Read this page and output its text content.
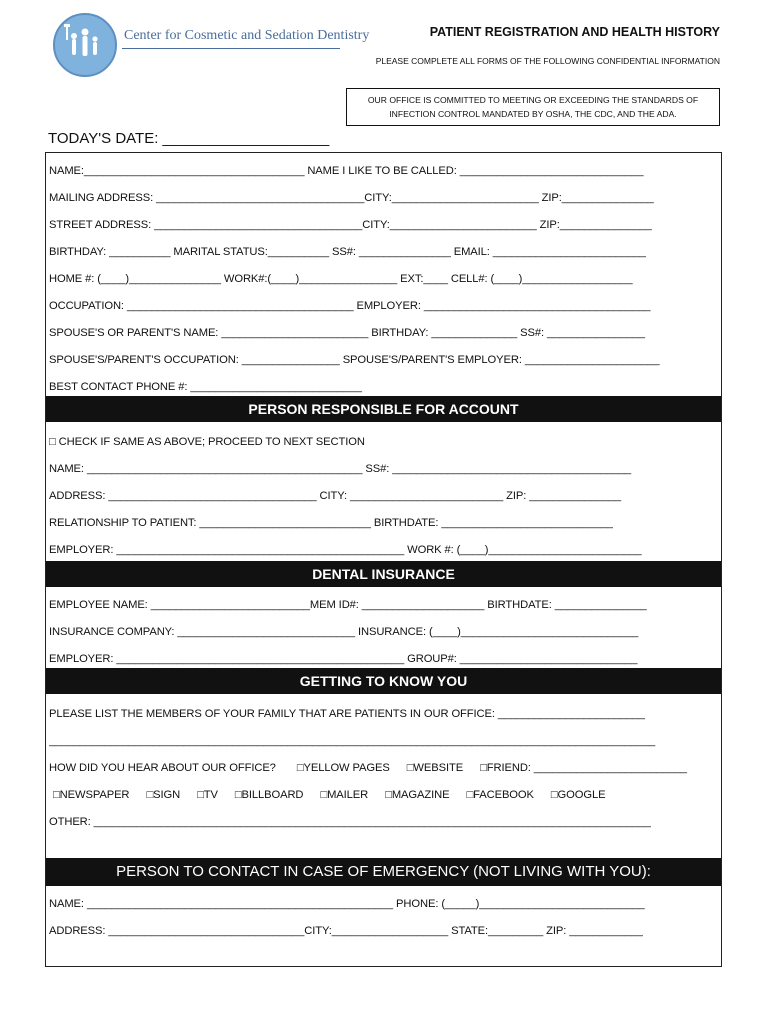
Center for Cosmetic and Sedation Dentistry	PATIENT REGISTRATION AND HEALTH HISTORY
PLEASE COMPLETE ALL FORMS OF THE FOLLOWING CONFIDENTIAL INFORMATION
OUR OFFICE IS COMMITTED TO MEETING OR EXCEEDING THE STANDARDS OF
INFECTION CONTROL MANDATED BY OSHA, THE CDC, AND THE ADA.
TODAY'S DATE: ____________________
NAME:____________________________________ NAME I LIKE TO BE CALLED: ______________________________
MAILING ADDRESS: __________________________________CITY:________________________ ZIP:_______________
STREET ADDRESS: __________________________________CITY:________________________ ZIP:_______________
BIRTHDAY: __________ MARITAL STATUS:__________ SS#: _______________ EMAIL: _________________________
HOME #: (____)_______________ WORK#:(____)________________ EXT:____ CELL#: (____)__________________
OCCUPATION: _____________________________________ EMPLOYER: _____________________________________
SPOUSE'S OR PARENT'S NAME: ________________________ BIRTHDAY: ______________ SS#: ________________
SPOUSE'S/PARENT'S OCCUPATION: ________________ SPOUSE'S/PARENT'S EMPLOYER: ______________________
BEST CONTACT PHONE #: ____________________________
PERSON RESPONSIBLE FOR ACCOUNT
□ CHECK IF SAME AS ABOVE; PROCEED TO NEXT SECTION
NAME: _____________________________________________ SS#: _______________________________________
ADDRESS: __________________________________ CITY: _________________________ ZIP: _______________
RELATIONSHIP TO PATIENT: ____________________________ BIRTHDATE: ____________________________
EMPLOYER: _______________________________________________ WORK #: (____)_________________________
DENTAL INSURANCE
EMPLOYEE NAME: __________________________MEM ID#: ____________________ BIRTHDATE: _______________
INSURANCE COMPANY: _____________________________ INSURANCE: (____)_____________________________
EMPLOYER: _______________________________________________ GROUP#: _____________________________
GETTING TO KNOW YOU
PLEASE LIST THE MEMBERS OF YOUR FAMILY THAT ARE PATIENTS IN OUR OFFICE: ________________________
___________________________________________________________________________________________________
HOW DID YOU HEAR ABOUT OUR OFFICE? □YELLOW PAGES □WEBSITE □FRIEND: _________________________
□NEWSPAPER □SIGN □TV □BILLBOARD □MAILER □MAGAZINE □FACEBOOK □GOOGLE
OTHER: ___________________________________________________________________________________________
PERSON TO CONTACT IN CASE OF EMERGENCY (NOT LIVING WITH YOU):
NAME: __________________________________________________ PHONE: (_____)___________________________
ADDRESS: ________________________________CITY:___________________ STATE:_________ ZIP: ____________
